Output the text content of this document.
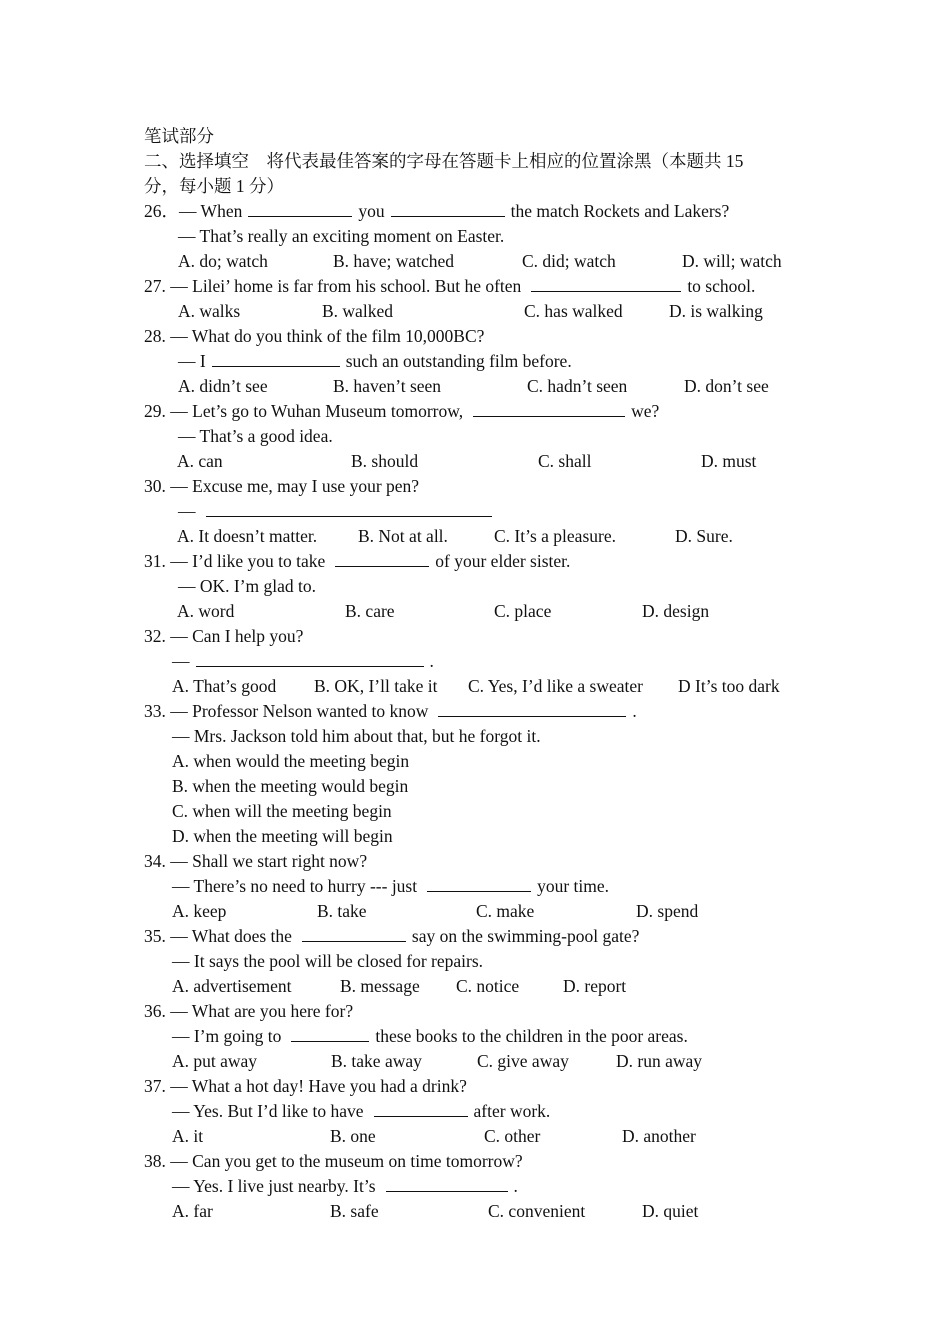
笔试部分
二、选择填空　将代表最佳答案的字母在答题卡上相应的位置涂黑（本题共 15
分，每小题 1 分）
26．— When	you	the match Rockets and Lakers?
— That’s really an exciting moment on Easter.
A. do; watch	B. have; watched	C. did; watch	D. will; watch
27. — Lilei’ home is far from his school. But he often	to school.
A. walks	B. walked	C. has walked	D. is walking
28. — What do you think of the film 10,000BC?
— I	such an outstanding film before.
A. didn’t see	B. haven’t seen	C. hadn’t seen	D. don’t see
29. — Let’s go to Wuhan Museum tomorrow,	we?
— That’s a good idea.
A. can	B. should	C. shall	D. must
30. — Excuse me, may I use your pen?
—
A. It doesn’t matter. B. Not at all.	C. It’s a pleasure.	D. Sure.
31. — I’d like you to take	of your elder sister.
— OK. I’m glad to.
A. word	B. care	C. place	D. design
32. — Can I help you?
—	.
A. That’s good B. OK, I’ll take it C. Yes, I’d like a sweater D It’s too dark
33. — Professor Nelson wanted to know	.
— Mrs. Jackson told him about that, but he forgot it.
A. when would the meeting begin
B. when the meeting would begin
C. when will the meeting begin
D. when the meeting will begin
34. — Shall we start right now?
— There’s no need to hurry --- just	your time.
A. keep	B. take	C. make	D. spend
35. — What does the	say on the swimming-pool gate?
— It says the pool will be closed for repairs.
A. advertisement	B. message C. notice	D. report
36. — What are you here for?
— I’m going to	these books to the children in the poor areas.
A. put away	B. take away	C. give away	D. run away
37. — What a hot day! Have you had a drink?
— Yes. But I’d like to have	after work.
A. it	B. one	C. other	D. another
38. — Can you get to the museum on time tomorrow?
— Yes. I live just nearby. It’s	.
A. far	B. safe	C. convenient	D. quiet
